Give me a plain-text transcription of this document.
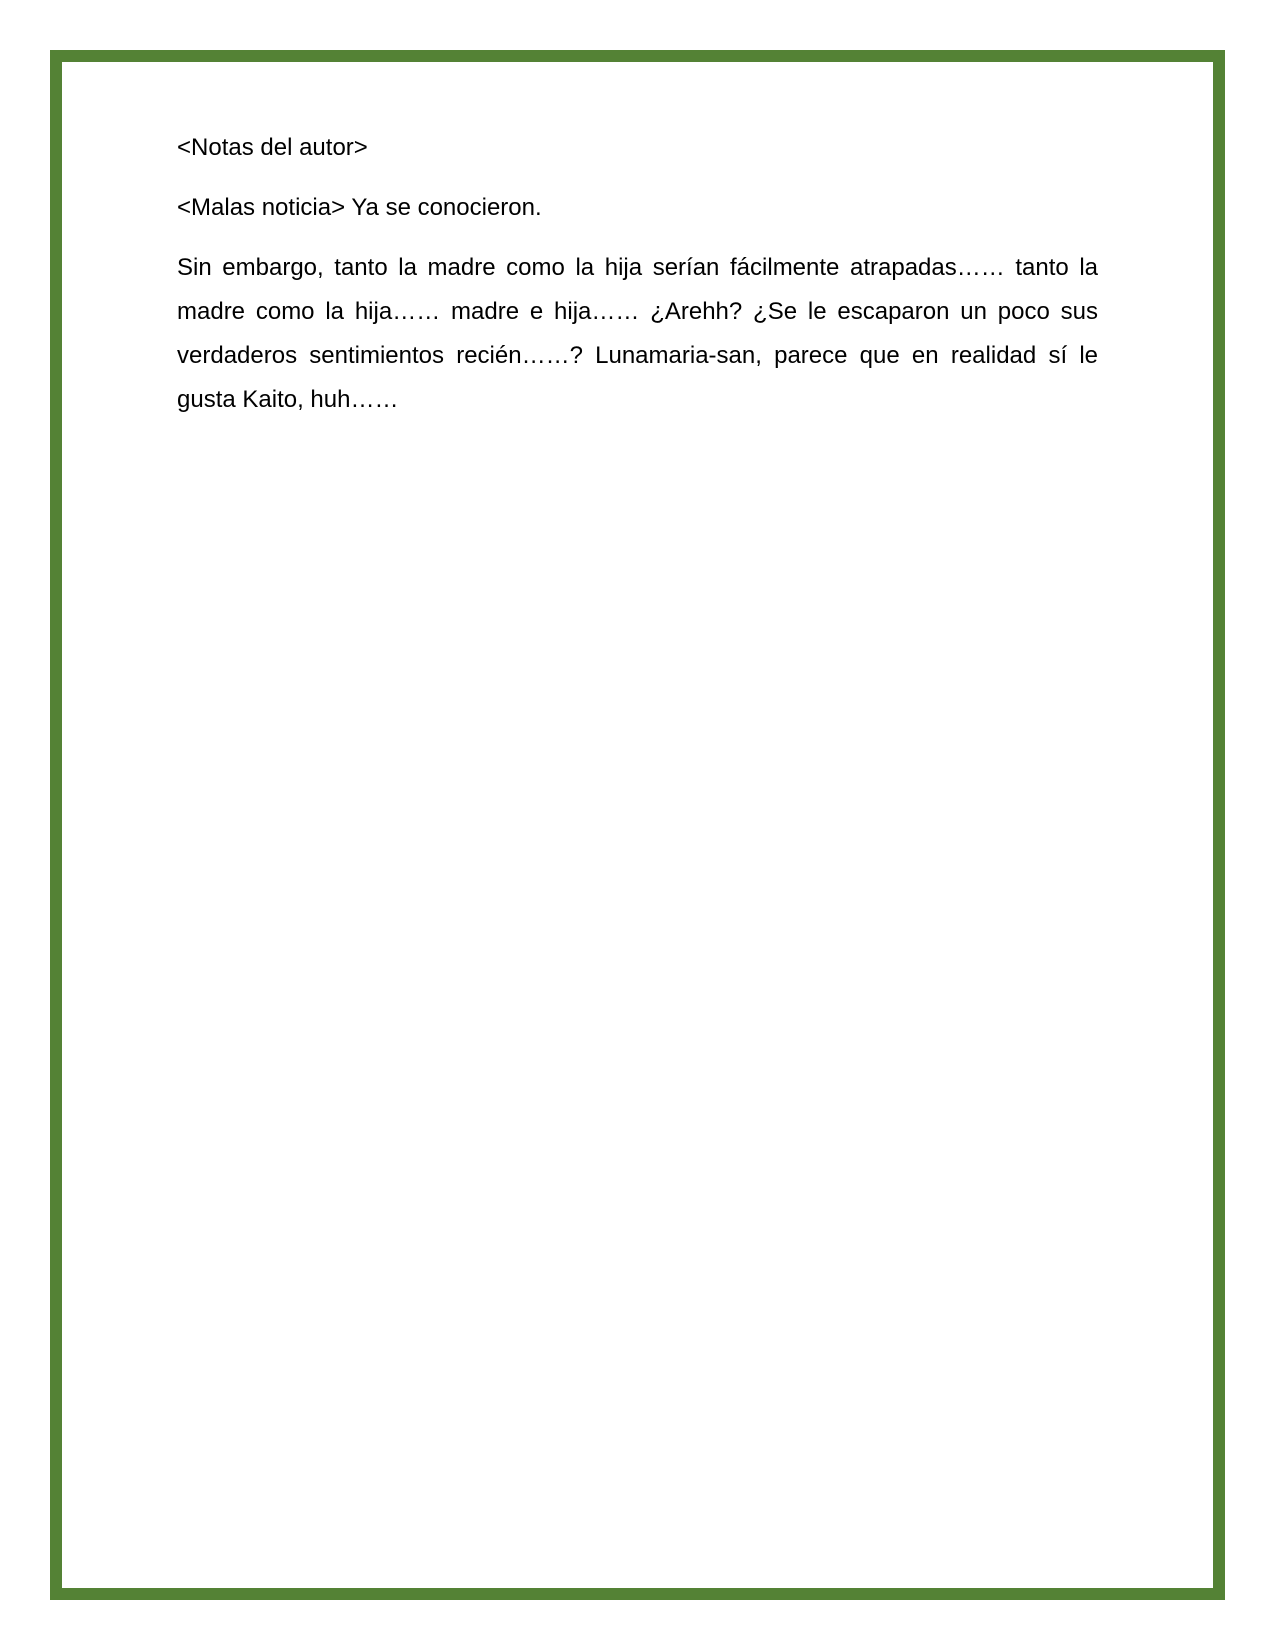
<Notas del autor>

<Malas noticia> Ya se conocieron.

Sin embargo, tanto la madre como la hija serían fácilmente atrapadas…… tanto la madre como la hija…… madre e hija…… ¿Arehh? ¿Se le escaparon un poco sus verdaderos sentimientos recién……? Lunamaria-san, parece que en realidad sí le gusta Kaito, huh……
